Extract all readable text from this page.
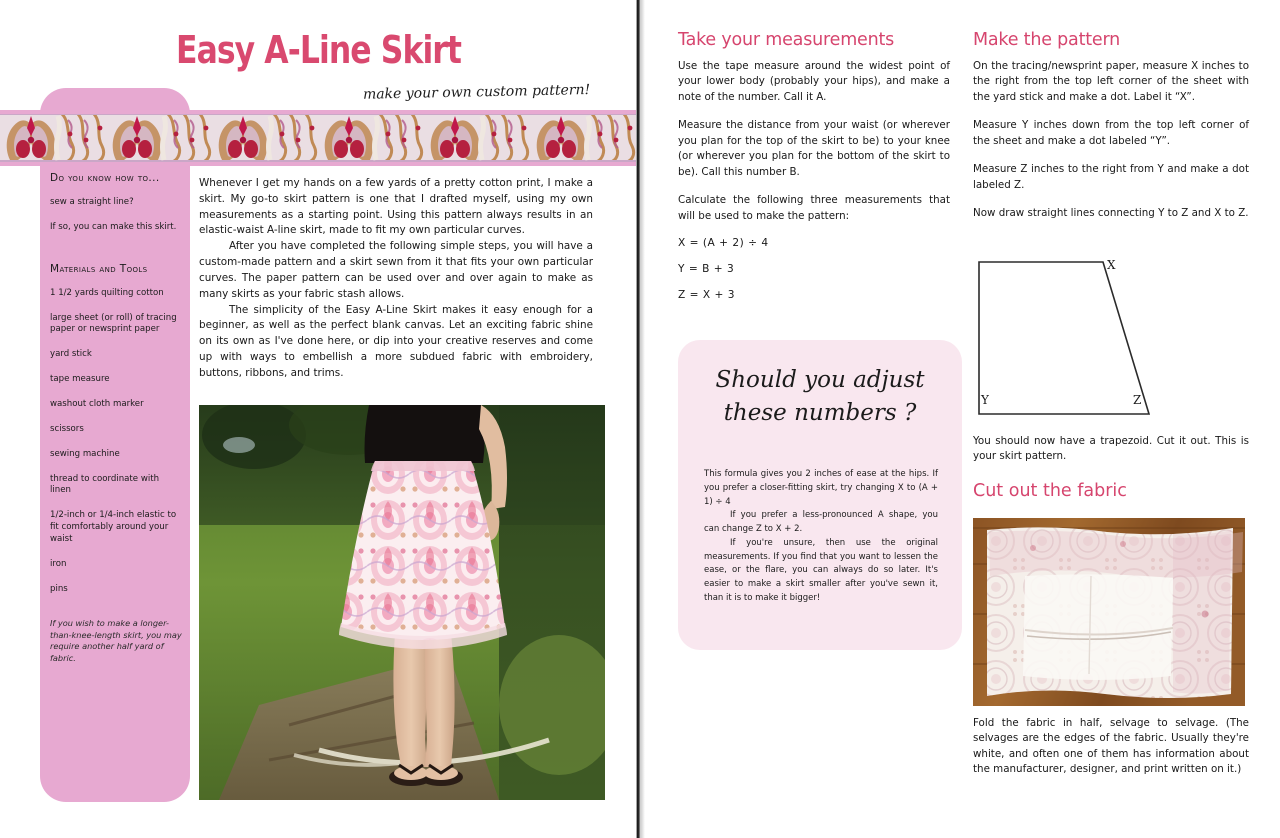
Easy A-Line Skirt
make your own custom pattern!
Do you know how to...
sew a straight line?
If so, you can make this skirt.
Materials and Tools
1 1/2 yards quilting cotton
large sheet (or roll) of tracing paper or newsprint paper
yard stick
tape measure
washout cloth marker
scissors
sewing machine
thread to coordinate with linen
1/2-inch or 1/4-inch elastic to fit comfortably around your waist
iron
pins
If you wish to make a longer-than-knee-length skirt, you may require another half yard of fabric.

Whenever I get my hands on a few yards of a pretty cotton print, I make a skirt. My go-to skirt pattern is one that I drafted myself, using my own measurements as a starting point. Using this pattern always results in an elastic-waist A-line skirt, made to fit my own particular curves.

After you have completed the following simple steps, you will have a custom-made pattern and a skirt sewn from it that fits your own particular curves. The paper pattern can be used over and over again to make as many skirts as your fabric stash allows.

The simplicity of the Easy A-Line Skirt makes it easy enough for a beginner, as well as the perfect blank canvas. Let an exciting fabric shine on its own as I've done here, or dip into your creative reserves and come up with ways to embellish a more subdued fabric with embroidery, buttons, ribbons, and trims.

Take your measurements

Use the tape measure around the widest point of your lower body (probably your hips), and make a note of the number. Call it A.

Measure the distance from your waist (or wherever you plan for the top of the skirt to be) to your knee (or wherever you plan for the bottom of the skirt to be). Call this number B.

Calculate the following three measurements that will be used to make the pattern:

X = (A + 2) ÷ 4
Y = B + 3
Z = X + 3
Should you adjust
these numbers ?

This formula gives you 2 inches of ease at the hips. If you prefer a closer-fitting skirt, try changing X to (A + 1) ÷ 4

If you prefer a less-pronounced A shape, you can change Z to X + 2.

If you're unsure, then use the original measurements. If you find that you want to lessen the ease, or the flare, you can always do so later. It's easier to make a skirt smaller after you've sewn it, than it is to make it bigger!

Make the pattern

On the tracing/newsprint paper, measure X inches to the right from the top left corner of the sheet with the yard stick and make a dot. Label it “X”.

Measure Y inches down from the top left corner of the sheet and make a dot labeled “Y”.

Measure Z inches to the right from Y and make a dot labeled Z.

Now draw straight lines connecting Y to Z and X to Z.

X
Y	Z
You should now have a trapezoid. Cut it out. This is your skirt pattern.
Cut out the fabric
Fold the fabric in half, selvage to selvage. (The selvages are the edges of the fabric. Usually they're white, and often one of them has information about the manufacturer, designer, and print written on it.)
